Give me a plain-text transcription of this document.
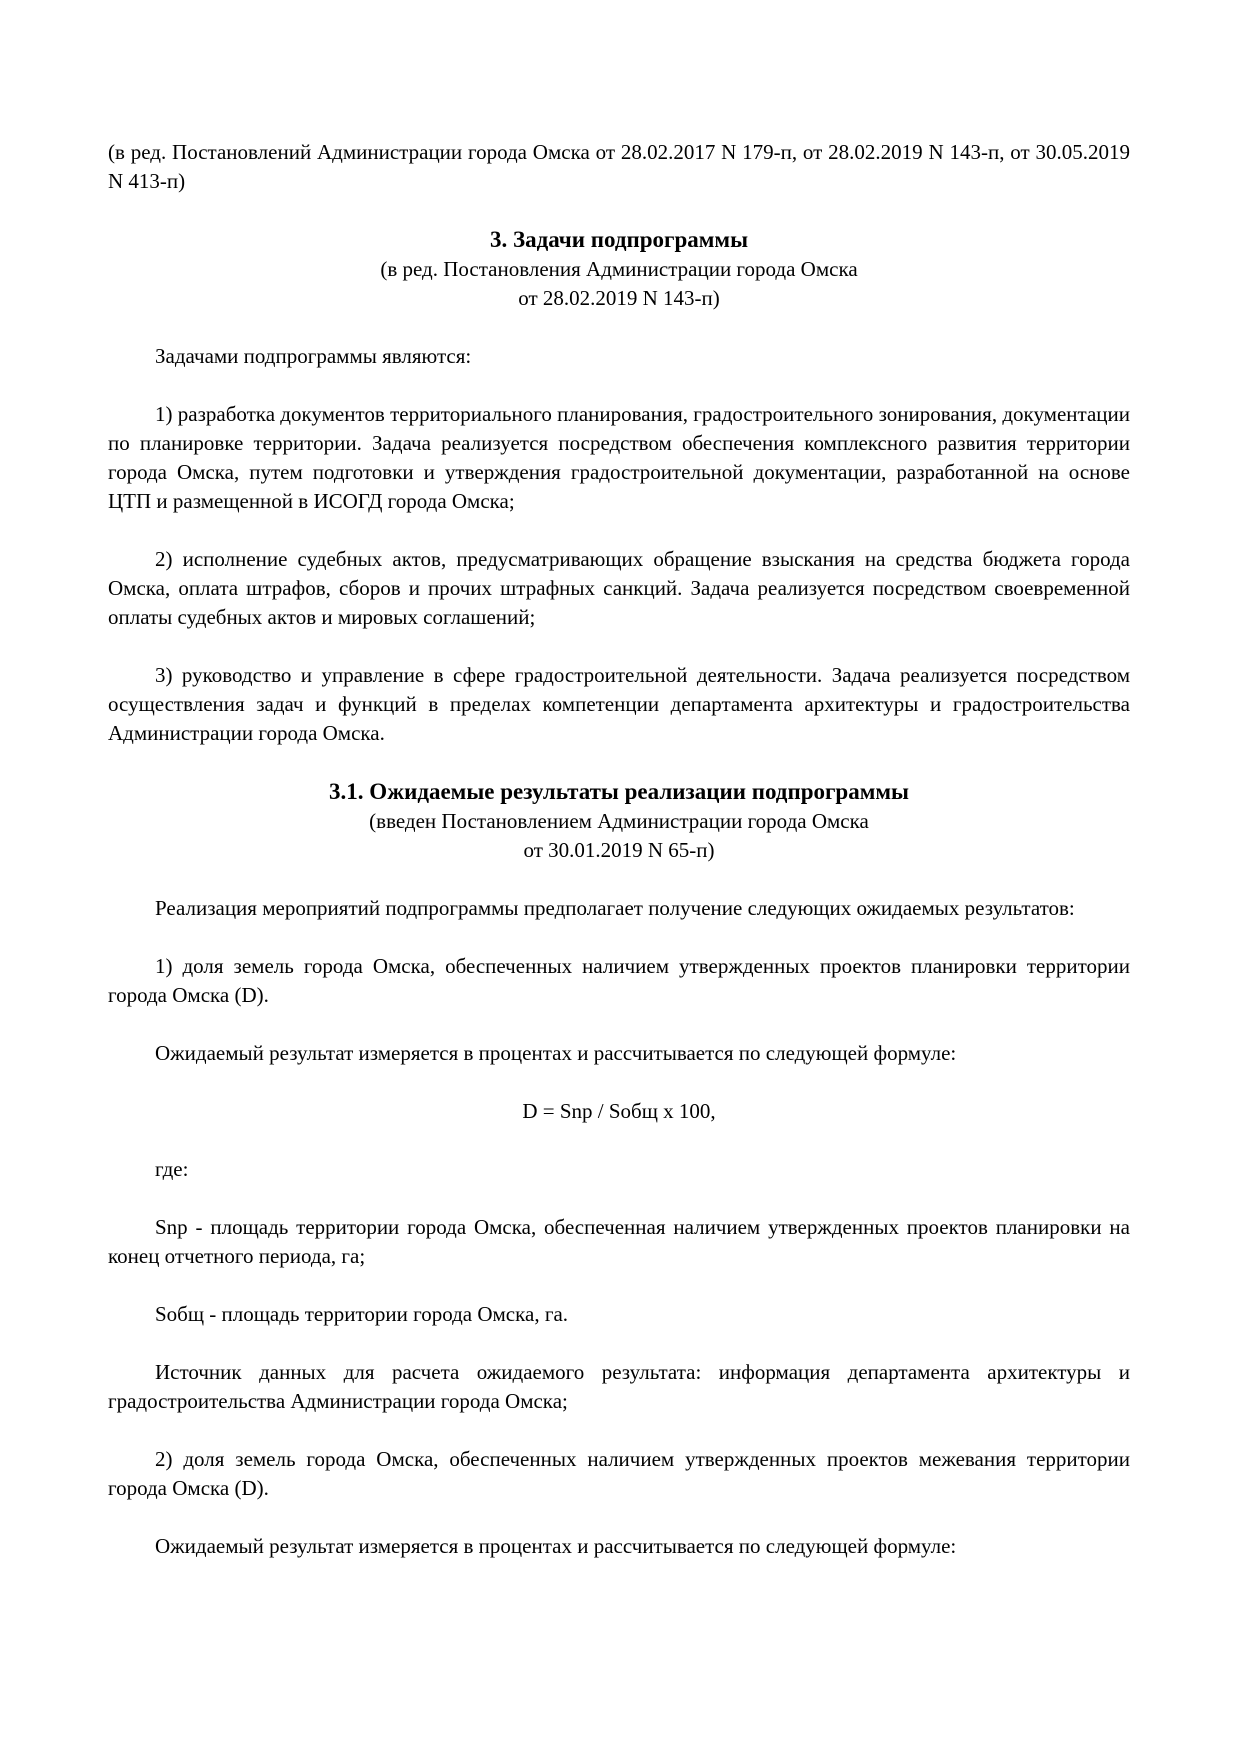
(в ред. Постановлений Администрации города Омска от 28.02.2017 N 179-п, от 28.02.2019 N 143-п, от 30.05.2019 N 413-п)

3. Задачи подпрограммы
(в ред. Постановления Администрации города Омска
от 28.02.2019 N 143-п)

Задачами подпрограммы являются:

1) разработка документов территориального планирования, градостроительного зонирования, документации по планировке территории. Задача реализуется посредством обеспечения комплексного развития территории города Омска, путем подготовки и утверждения градостроительной документации, разработанной на основе ЦТП и размещенной в ИСОГД города Омска;

2) исполнение судебных актов, предусматривающих обращение взыскания на средства бюджета города Омска, оплата штрафов, сборов и прочих штрафных санкций. Задача реализуется посредством своевременной оплаты судебных актов и мировых соглашений;

3) руководство и управление в сфере градостроительной деятельности. Задача реализуется посредством осуществления задач и функций в пределах компетенции департамента архитектуры и градостроительства Администрации города Омска.

3.1. Ожидаемые результаты реализации подпрограммы
(введен Постановлением Администрации города Омска
от 30.01.2019 N 65-п)

Реализация мероприятий подпрограммы предполагает получение следующих ожидаемых результатов:

1) доля земель города Омска, обеспеченных наличием утвержденных проектов планировки территории города Омска (D).

Ожидаемый результат измеряется в процентах и рассчитывается по следующей формуле:

D = Snp / Sобщ x 100,

где:

Snp - площадь территории города Омска, обеспеченная наличием утвержденных проектов планировки на конец отчетного периода, га;

Sобщ - площадь территории города Омска, га.

Источник данных для расчета ожидаемого результата: информация департамента архитектуры и градостроительства Администрации города Омска;

2) доля земель города Омска, обеспеченных наличием утвержденных проектов межевания территории города Омска (D).

Ожидаемый результат измеряется в процентах и рассчитывается по следующей формуле:
